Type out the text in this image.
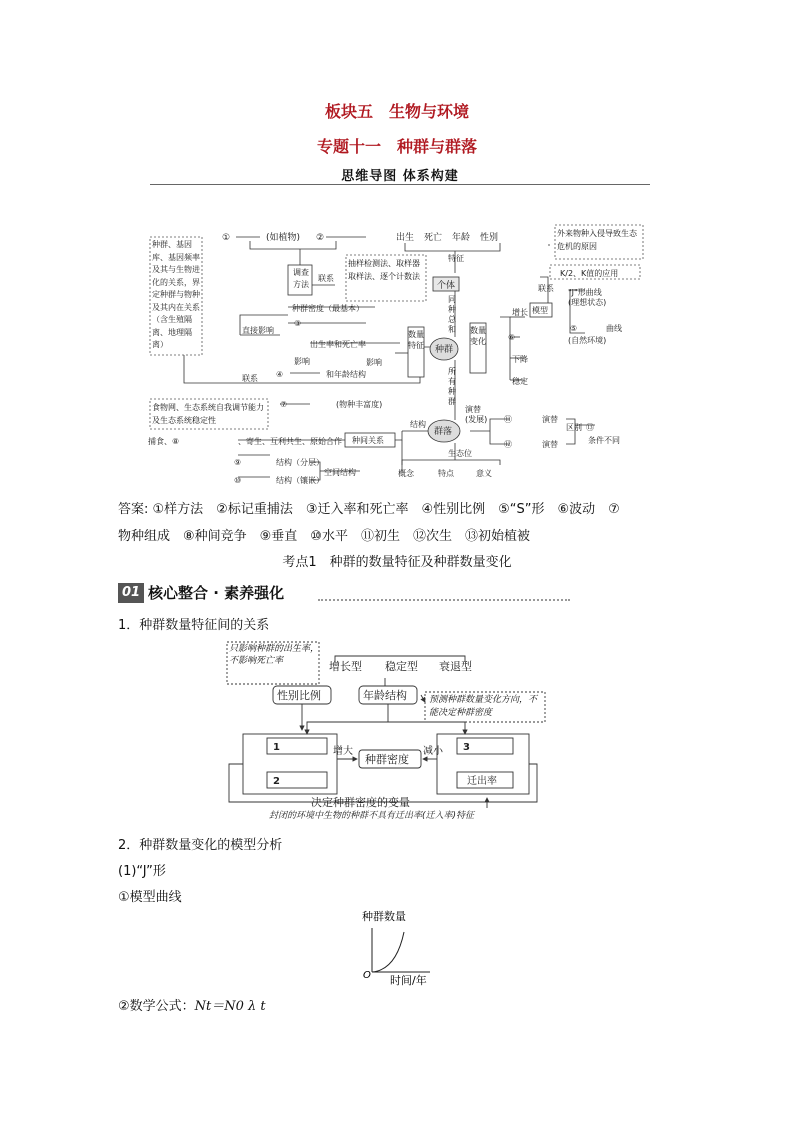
板块五　生物与环境
专题十一　种群与群落
思维导图 体系构建
①	(如植物) ②	出生 死亡 年龄 性别
种群、基因库、基因频率及其与生物进化的关系，界定种群与物种及其内在关系（含生殖隔离、地理隔离）
调查方法
联系
抽样检测法、取样器取样法、逐个计数法
特征
个体
同种总和
外来物种入侵导致生态危机的原因
K/2、K值的应用
种群密度（最基本）
③
直接影响
出生率和死亡率
影响	影响
④	和年龄结构
联系
数量特征 种群
数量变化
增长
⑥
下降
稳定
模型
联系 "J"形曲线
(理想状态)
⑤	曲线
(自然环境)
所有种群
⑦	(物种丰富度)
食物网、生态系统自我调节能力及生态系统稳定性
捕食、⑧	、寄生、互利共生、原始合作 种间关系
结构
群落
演替(发展)	⑪	演替
⑫	演替
区别 ⑬
条件不同
⑨	结构（分层）
⑩	结构（镶嵌）
空间结构
生态位
概念	特点	意义
答案: ①样方法　②标记重捕法　③迁入率和死亡率　④性别比例　⑤“S”形　⑥波动　⑦
物种组成　⑧种间竞争　⑨垂直　⑩水平　⑪初生　⑫次生　⑬初始植被
考点1　种群的数量特征及种群数量变化
01 核心整合 · 素养强化
1．种群数量特征间的关系
只影响种群的出生率，不影响死亡率	增长型 稳定型 衰退型
性别比例	年龄结构 预测种群数量变化方向，不能决定种群密度
1
2
3
增大	减小
种群密度
迁出率
决定种群密度的变量
封闭的环境中生物的种群不具有迁出率(迁入率)特征
2．种群数量变化的模型分析
(1)“J”形
①模型曲线
种群数量
O 时间/年
②数学公式：Nt＝N0 λ t
